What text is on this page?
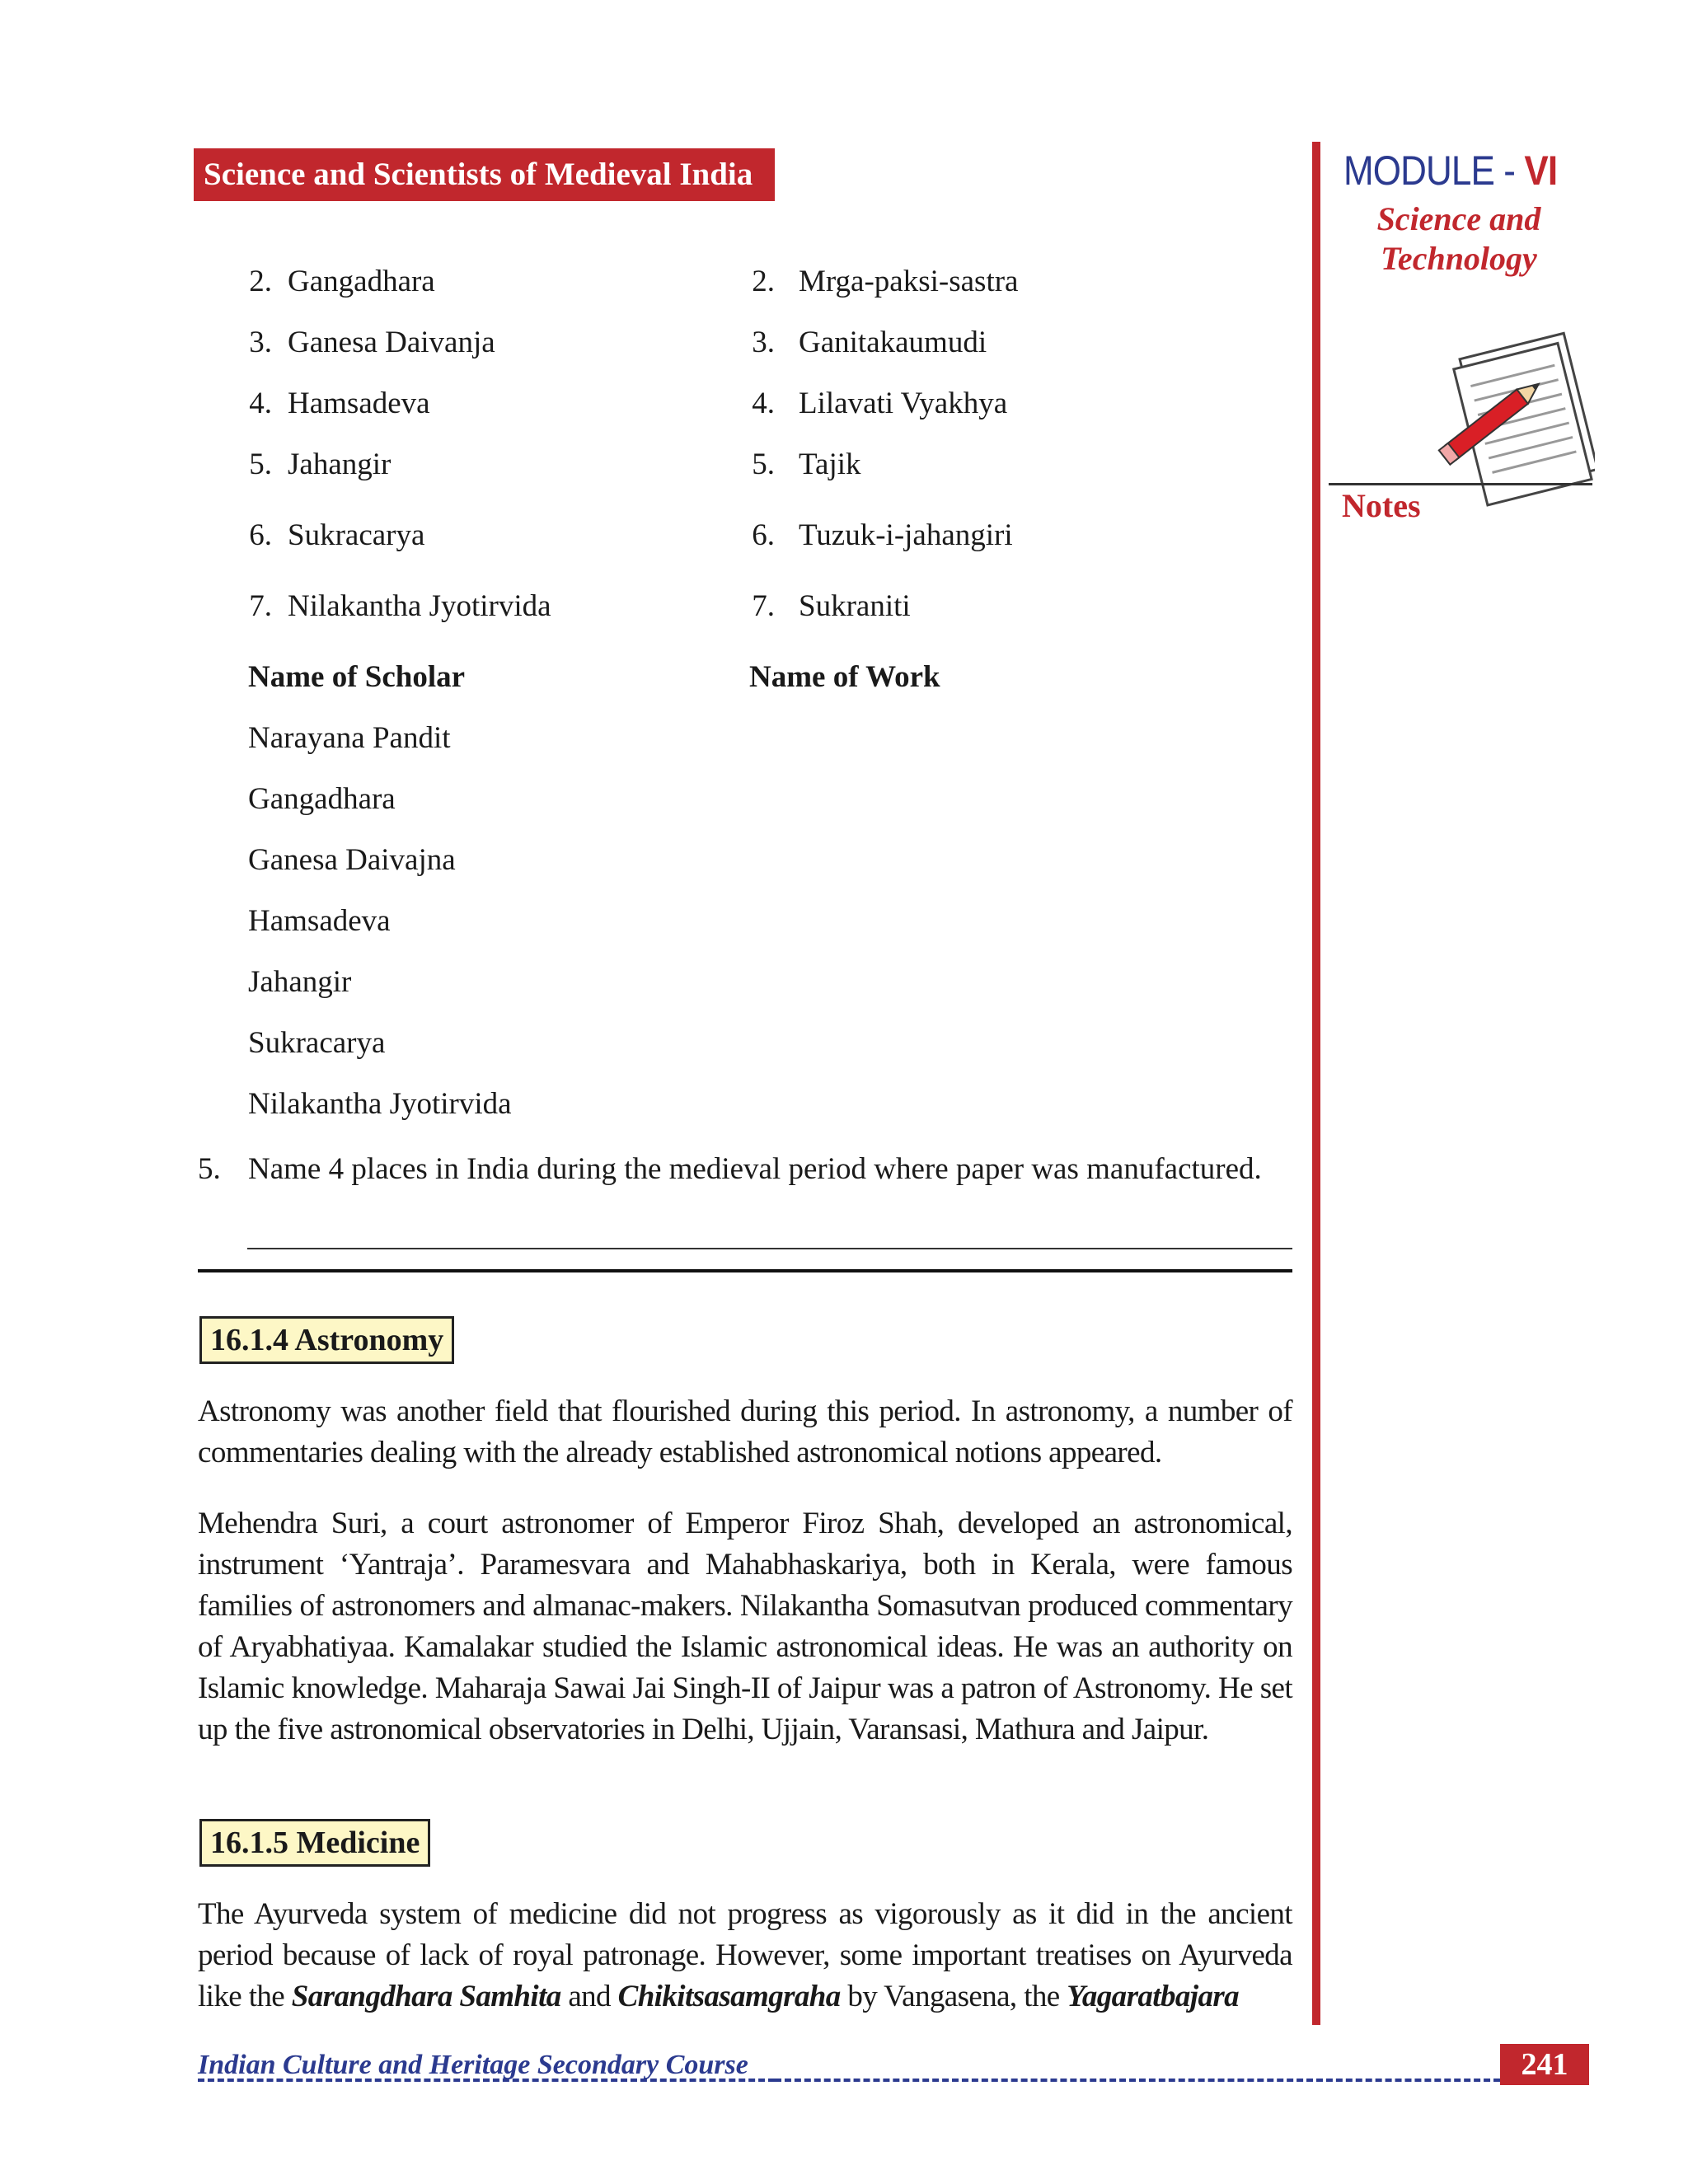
Science and Scientists of Medieval India	MODULE - VI
Science and
Technology
Notes
2. Gangadhara	2. Mrga-paksi-sastra
3. Ganesa Daivanja	3. Ganitakaumudi
4. Hamsadeva	4. Lilavati Vyakhya
5. Jahangir	5. Tajik
6. Sukracarya	6. Tuzuk-i-jahangiri
7. Nilakantha Jyotirvida	7. Sukraniti
Name of Scholar	Name of Work
Narayana Pandit
Gangadhara
Ganesa Daivajna
Hamsadeva
Jahangir
Sukracarya
Nilakantha Jyotirvida
5. Name 4 places in India during the medieval period where paper was manufactured.
16.1.4 Astronomy

Astronomy was another field that flourished during this period. In astronomy, a number of commentaries dealing with the already established astronomical notions appeared.

Mehendra Suri, a court astronomer of Emperor Firoz Shah, developed an astronomical, instrument ‘Yantraja’. Paramesvara and Mahabhaskariya, both in Kerala, were famous families of astronomers and almanac-makers. Nilakantha Somasutvan produced commentary of Aryabhatiyaa. Kamalakar studied the Islamic astronomical ideas. He was an authority on Islamic knowledge. Maharaja Sawai Jai Singh-II of Jaipur was a patron of Astronomy. He set up the five astronomical observatories in Delhi, Ujjain, Varansasi, Mathura and Jaipur.

16.1.5 Medicine

The Ayurveda system of medicine did not progress as vigorously as it did in the ancient period because of lack of royal patronage. However, some important treatises on Ayurveda like the Sarangdhara Samhita and Chikitsasamgraha by Vangasena, the Yagaratbajara

Indian Culture and Heritage Secondary Course	241
